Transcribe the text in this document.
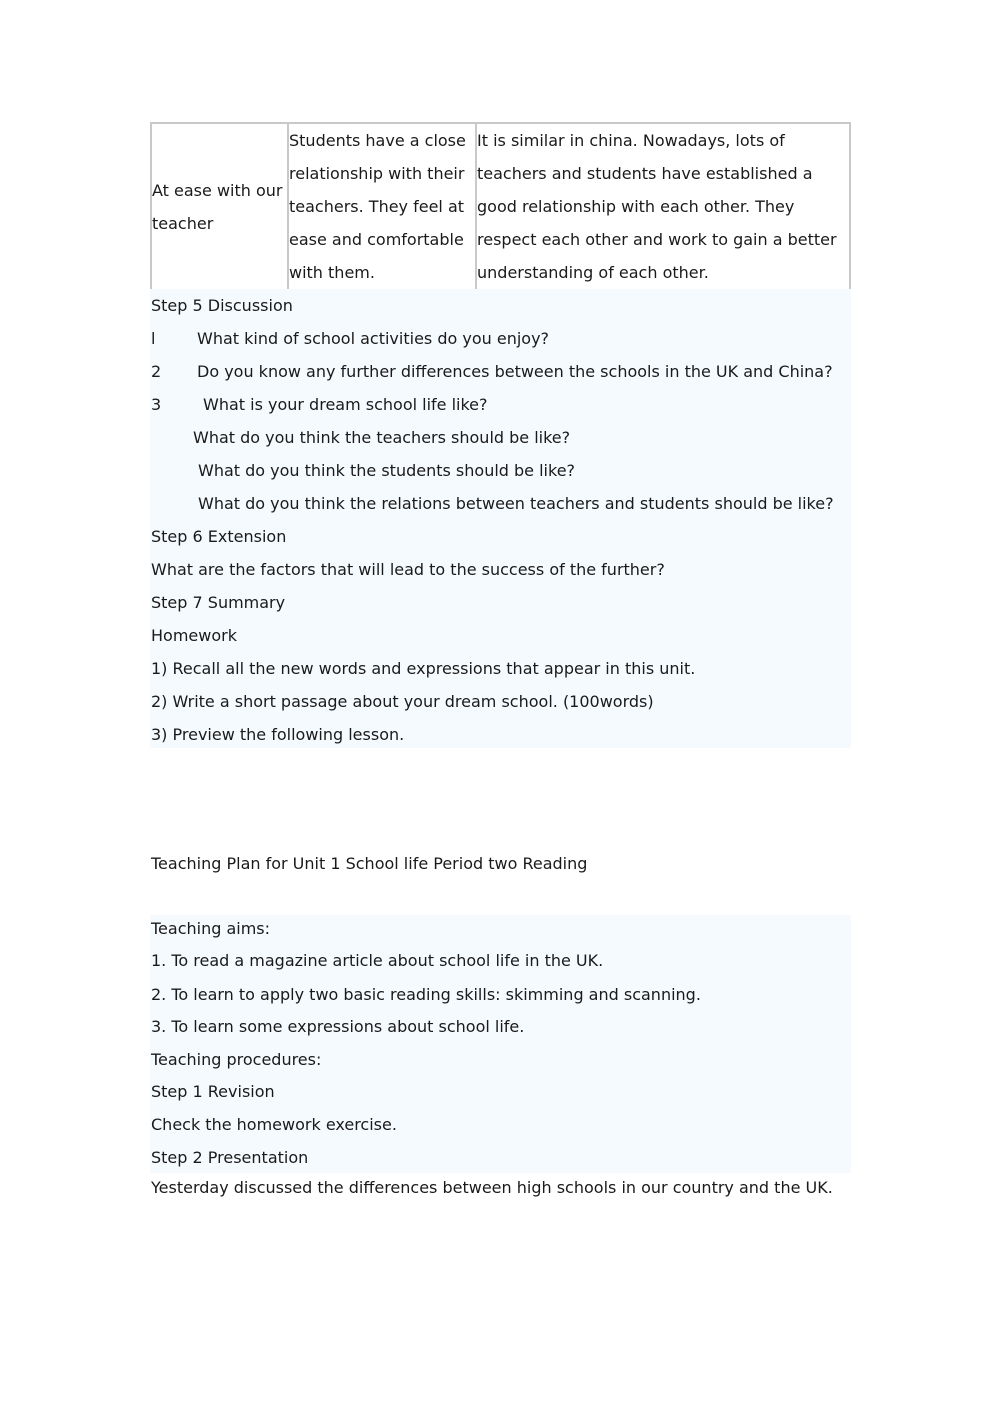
At ease with our teacher	Students have a close relationship with their teachers. They feel at ease and comfortable with them.	It is similar in china. Nowadays, lots of teachers and students have established a good relationship with each other. They respect each other and work to gain a better understanding of each other.
Step 5 Discussion
l	What kind of school activities do you enjoy?
2 Do you know any further differences between the schools in the UK and China?
3	What is your dream school life like?
What do you think the teachers should be like?
What do you think the students should be like?
What do you think the relations between teachers and students should be like?
Step 6 Extension
What are the factors that will lead to the success of the further?
Step 7 Summary
Homework
1) Recall all the new words and expressions that appear in this unit.
2) Write a short passage about your dream school. (100words)
3) Preview the following lesson.
Teaching Plan for Unit 1 School life Period two Reading
Teaching aims:
1. To read a magazine article about school life in the UK.
2. To learn to apply two basic reading skills: skimming and scanning.
3. To learn some expressions about school life.
Teaching procedures:
Step 1 Revision
Check the homework exercise.
Step 2 Presentation
Yesterday discussed the differences between high schools in our country and the UK.
